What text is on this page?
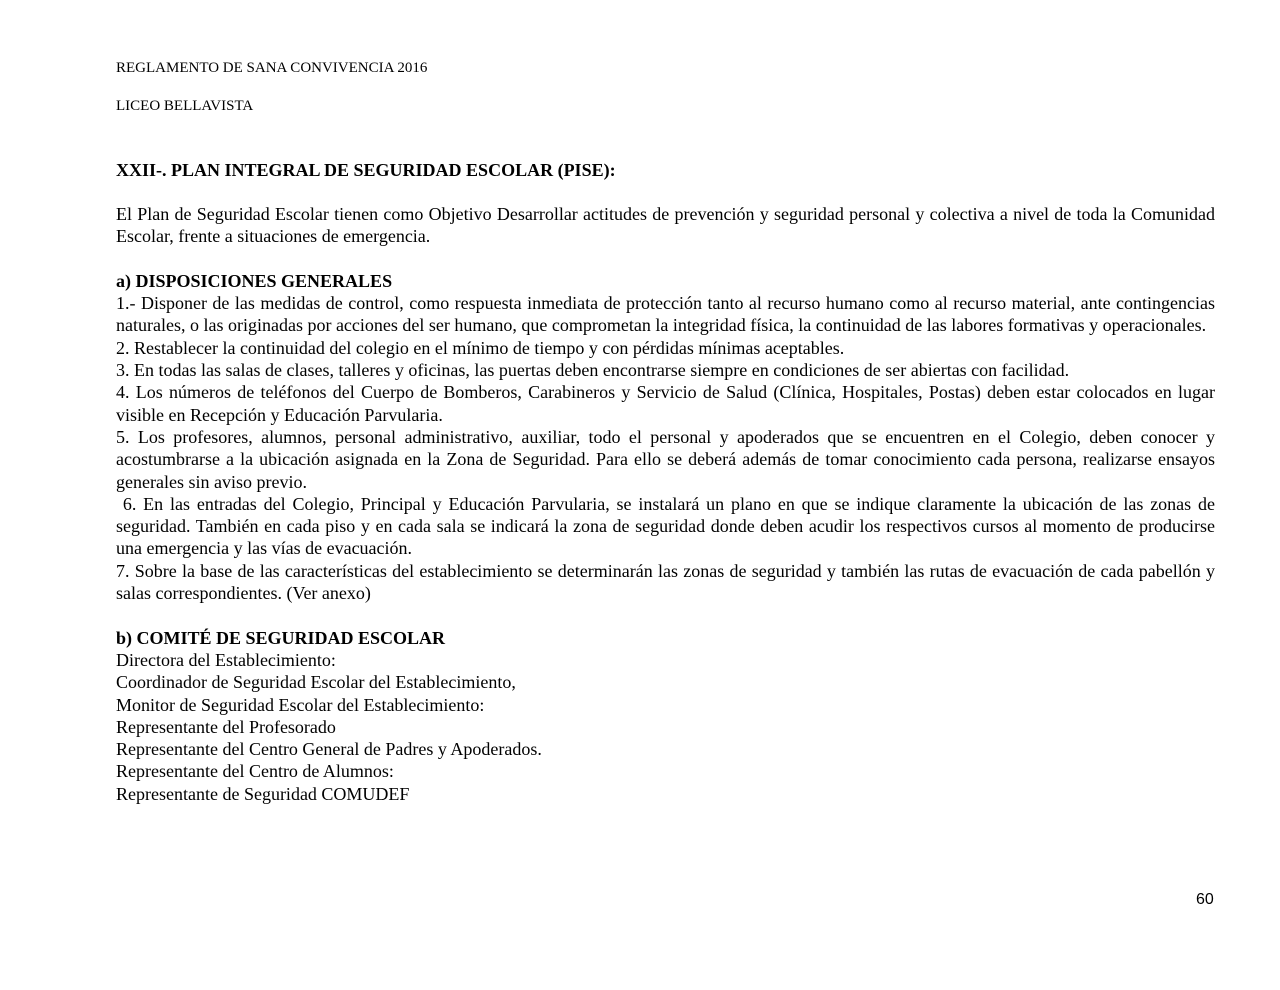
REGLAMENTO DE SANA CONVIVENCIA 2016

LICEO BELLAVISTA

XXII-. PLAN INTEGRAL DE SEGURIDAD ESCOLAR (PISE):

El Plan de Seguridad Escolar tienen como Objetivo Desarrollar actitudes de prevención y seguridad personal y colectiva a nivel de toda la Comunidad Escolar, frente a situaciones de emergencia.

a) DISPOSICIONES GENERALES

1.- Disponer de las medidas de control, como respuesta inmediata de protección tanto al recurso humano como al recurso material, ante contingencias naturales, o las originadas por acciones del ser humano, que comprometan la integridad física, la continuidad de las labores formativas y operacionales.

2. Restablecer la continuidad del colegio en el mínimo de tiempo y con pérdidas mínimas aceptables.

3. En todas las salas de clases, talleres y oficinas, las puertas deben encontrarse siempre en condiciones de ser abiertas con facilidad.

4. Los números de teléfonos del Cuerpo de Bomberos, Carabineros y Servicio de Salud (Clínica, Hospitales, Postas) deben estar colocados en lugar visible en Recepción y Educación Parvularia.

5. Los profesores, alumnos, personal administrativo, auxiliar, todo el personal y apoderados que se encuentren en el Colegio, deben conocer y acostumbrarse a la ubicación asignada en la Zona de Seguridad. Para ello se deberá además de tomar conocimiento cada persona, realizarse ensayos generales sin aviso previo.

6. En las entradas del Colegio, Principal y Educación Parvularia, se instalará un plano en que se indique claramente la ubicación de las zonas de seguridad. También en cada piso y en cada sala se indicará la zona de seguridad donde deben acudir los respectivos cursos al momento de producirse una emergencia y las vías de evacuación.

7. Sobre la base de las características del establecimiento se determinarán las zonas de seguridad y también las rutas de evacuación de cada pabellón y salas correspondientes. (Ver anexo)

b) COMITÉ DE SEGURIDAD ESCOLAR

Directora del Establecimiento:

Coordinador de Seguridad Escolar del Establecimiento,

Monitor de Seguridad Escolar del Establecimiento:

Representante del Profesorado

Representante del Centro General de Padres y Apoderados.

Representante del Centro de Alumnos:

Representante de Seguridad COMUDEF

60
